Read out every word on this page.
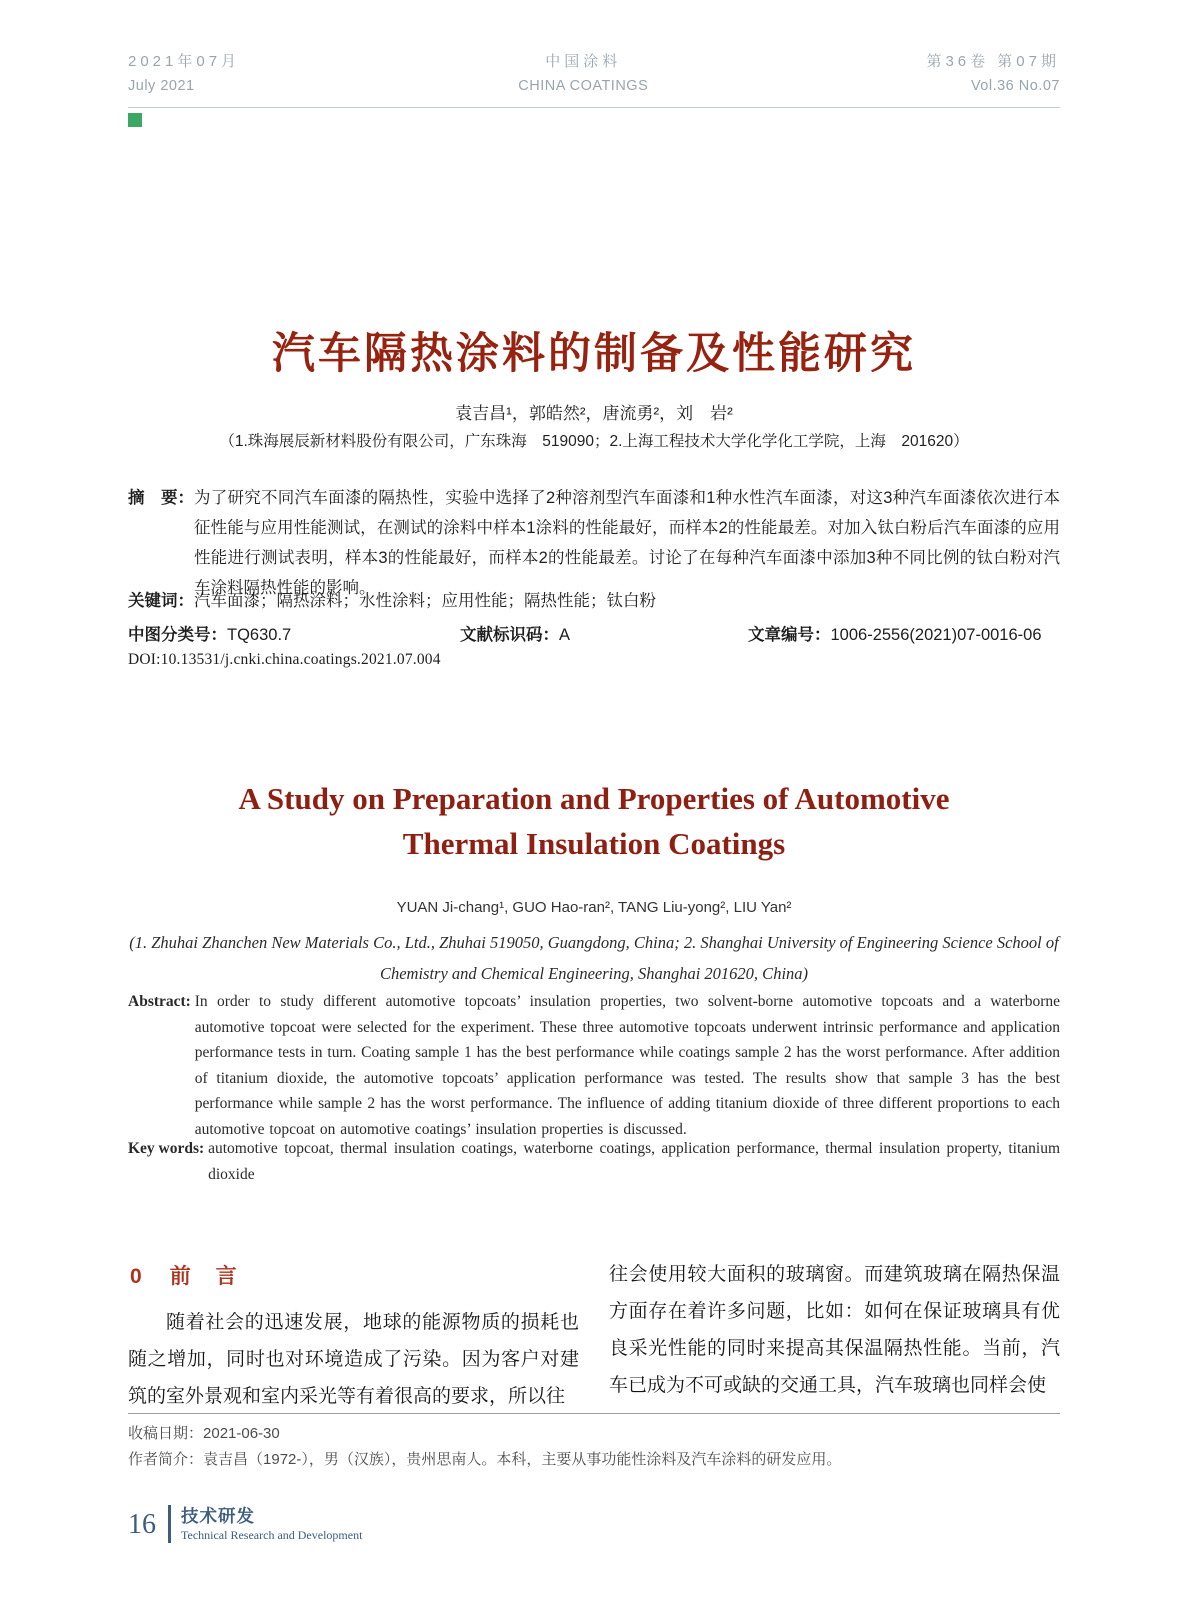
2021年07月
July 2021
中国涂料
CHINA COATINGS
第36卷 第07期
Vol.36 No.07
汽车隔热涂料的制备及性能研究
袁吉昌¹，郭皓然²，唐流勇²，刘　岩²
（1.珠海展辰新材料股份有限公司，广东珠海　519090；2.上海工程技术大学化学化工学院，上海　201620）
摘　要： 为了研究不同汽车面漆的隔热性，实验中选择了2种溶剂型汽车面漆和1种水性汽车面漆，对这3种汽车面漆依次进行本征性能与应用性能测试，在测试的涂料中样本1涂料的性能最好，而样本2的性能最差。对加入钛白粉后汽车面漆的应用性能进行测试表明，样本3的性能最好，而样本2的性能最差。讨论了在每种汽车面漆中添加3种不同比例的钛白粉对汽车涂料隔热性能的影响。
关键词： 汽车面漆；隔热涂料；水性涂料；应用性能；隔热性能；钛白粉
中图分类号：TQ630.7	文献标识码：A	文章编号：1006-2556(2021)07-0016-06
DOI:10.13531/j.cnki.china.coatings.2021.07.004
A Study on Preparation and Properties of Automotive
Thermal Insulation Coatings
YUAN Ji-chang¹, GUO Hao-ran², TANG Liu-yong², LIU Yan²
(1. Zhuhai Zhanchen New Materials Co., Ltd., Zhuhai 519050, Guangdong, China; 2. Shanghai University of Engineering Science School of Chemistry and Chemical Engineering, Shanghai 201620, China)
Abstract: In order to study different automotive topcoats’ insulation properties, two solvent-borne automotive topcoats and a waterborne automotive topcoat were selected for the experiment. These three automotive topcoats underwent intrinsic performance and application performance tests in turn. Coating sample 1 has the best performance while coatings sample 2 has the worst performance. After addition of titanium dioxide, the automotive topcoats’ application performance was tested. The results show that sample 3 has the best performance while sample 2 has the worst performance. The influence of adding titanium dioxide of three different proportions to each automotive topcoat on automotive coatings’ insulation properties is discussed.
Key words: automotive topcoat, thermal insulation coatings, waterborne coatings, application performance, thermal insulation property, titanium dioxide
0 前　言
随着社会的迅速发展，地球的能源物质的损耗也随之增加，同时也对环境造成了污染。因为客户对建筑的室外景观和室内采光等有着很高的要求，所以往
往会使用较大面积的玻璃窗。而建筑玻璃在隔热保温方面存在着许多问题，比如：如何在保证玻璃具有优良采光性能的同时来提高其保温隔热性能。当前，汽车已成为不可或缺的交通工具，汽车玻璃也同样会使
收稿日期：2021-06-30
作者简介：袁吉昌（1972-），男（汉族），贵州思南人。本科，主要从事功能性涂料及汽车涂料的研发应用。
16 技术研发
Technical Research and Development
